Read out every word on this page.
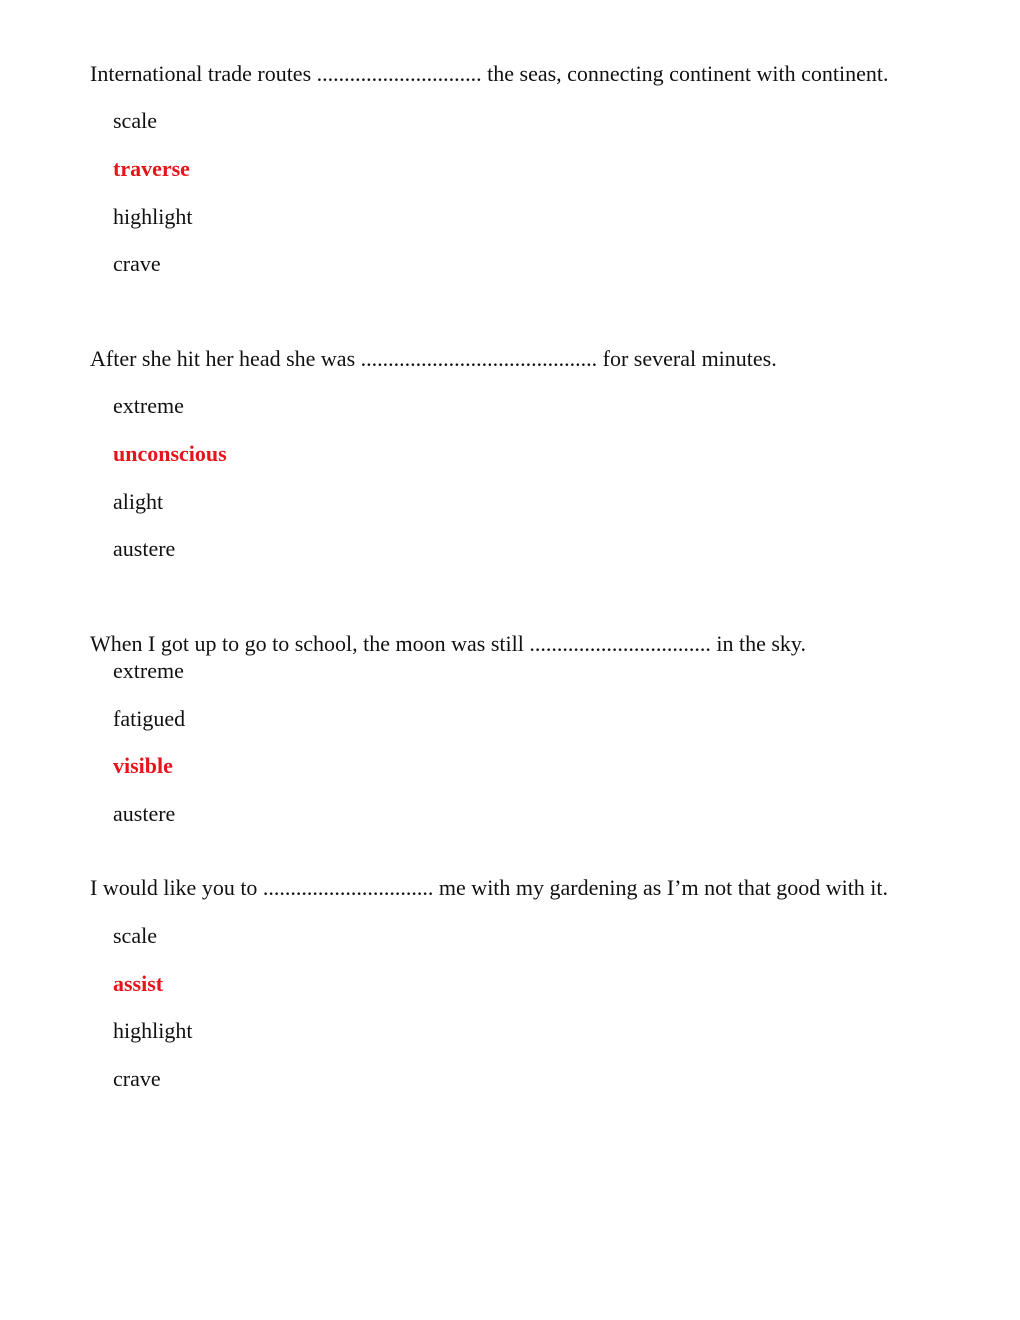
International trade routes .............................. the seas, connecting continent with continent.
scale
traverse
highlight
crave
After she hit her head she was ........................................... for several minutes.
extreme
unconscious
alight
austere
When I got up to go to school, the moon was still ................................. in the sky.
extreme
fatigued
visible
austere
I would like you to ............................... me with my gardening as I’m not that good with it.
scale
assist
highlight
crave
